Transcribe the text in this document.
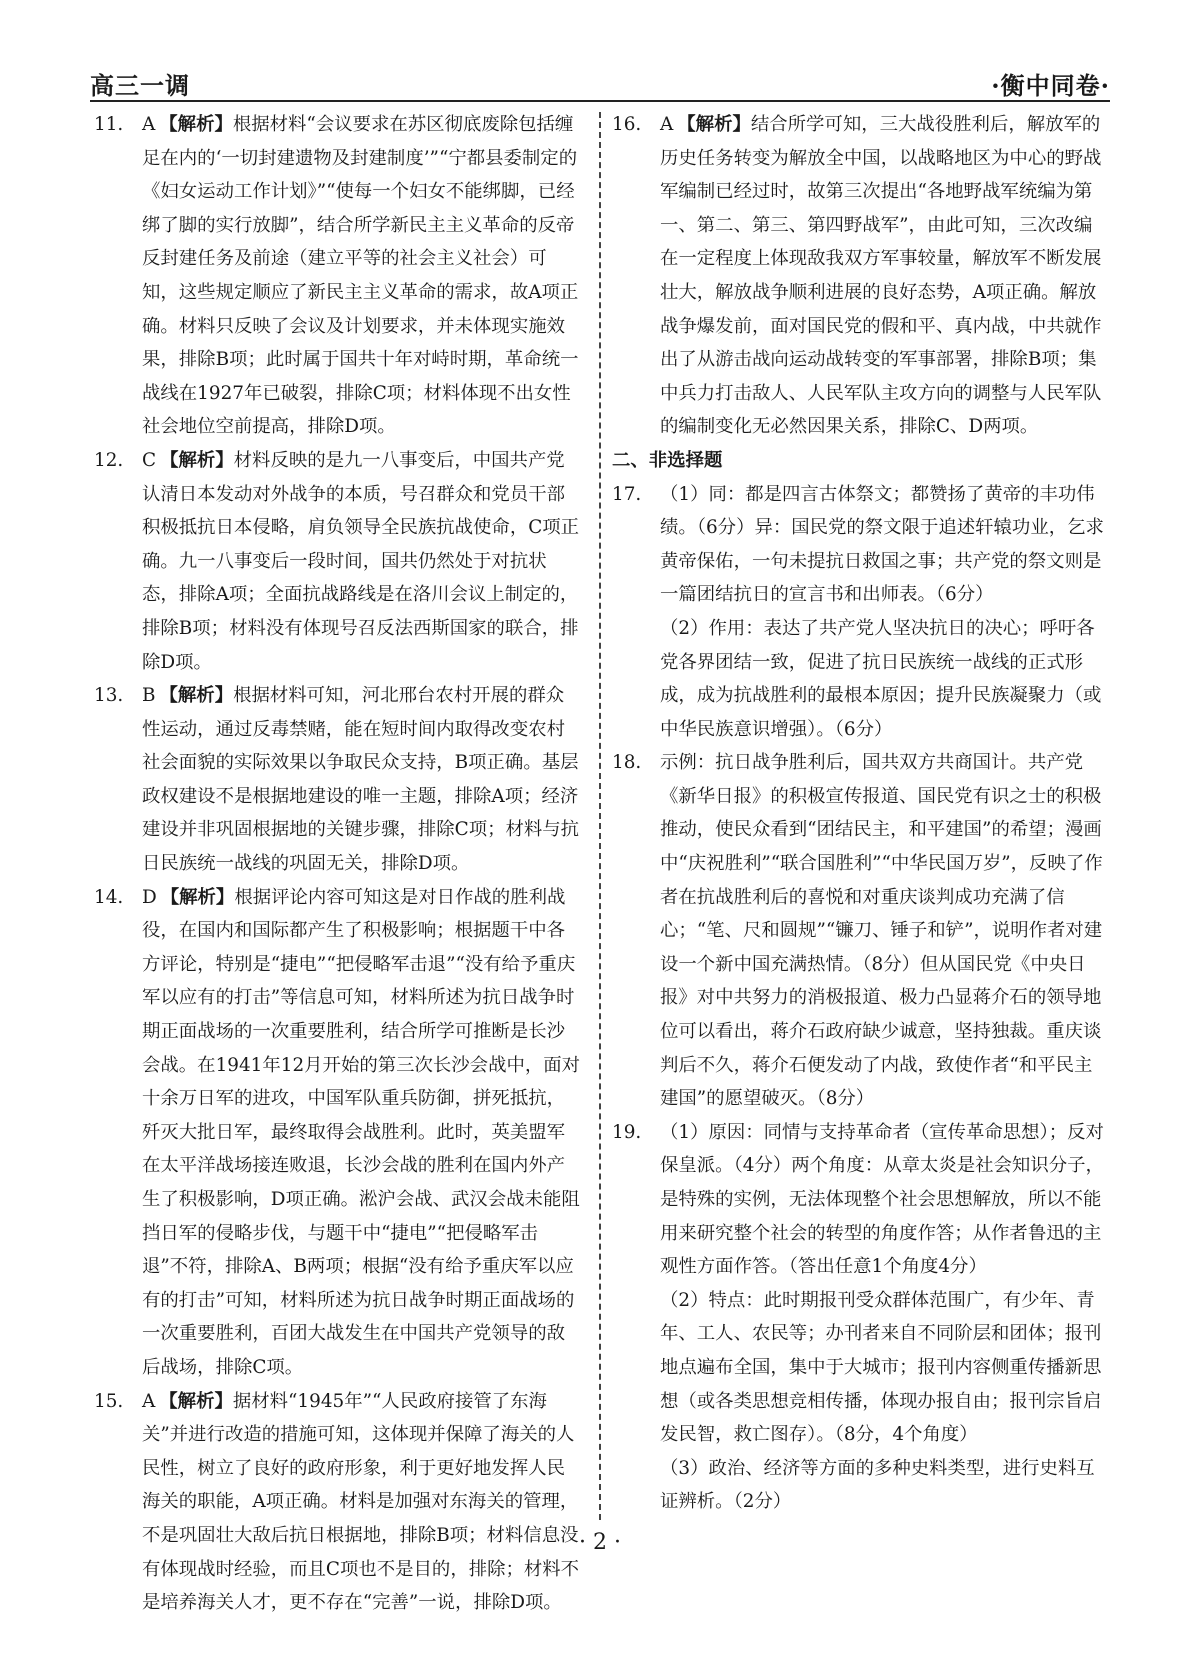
高三一调	·衡中同卷·

11. A 【解析】根据材料“会议要求在苏区彻底废除包括缠足在内的‘一切封建遗物及封建制度’”“宁都县委制定的《妇女运动工作计划》”“使每一个妇女不能绑脚，已经绑了脚的实行放脚”，结合所学新民主主义革命的反帝反封建任务及前途（建立平等的社会主义社会）可知，这些规定顺应了新民主主义革命的需求，故A项正确。材料只反映了会议及计划要求，并未体现实施效果，排除B项；此时属于国共十年对峙时期，革命统一战线在1927年已破裂，排除C项；材料体现不出女性社会地位空前提高，排除D项。

12. C 【解析】材料反映的是九一八事变后，中国共产党认清日本发动对外战争的本质，号召群众和党员干部积极抵抗日本侵略，肩负领导全民族抗战使命，C项正确。九一八事变后一段时间，国共仍然处于对抗状态，排除A项；全面抗战路线是在洛川会议上制定的，排除B项；材料没有体现号召反法西斯国家的联合，排除D项。

13. B 【解析】根据材料可知，河北邢台农村开展的群众性运动，通过反毒禁赌，能在短时间内取得改变农村社会面貌的实际效果以争取民众支持，B项正确。基层政权建设不是根据地建设的唯一主题，排除A项；经济建设并非巩固根据地的关键步骤，排除C项；材料与抗日民族统一战线的巩固无关，排除D项。

14. D 【解析】根据评论内容可知这是对日作战的胜利战役，在国内和国际都产生了积极影响；根据题干中各方评论，特别是“捷电”“把侵略军击退”“没有给予重庆军以应有的打击”等信息可知，材料所述为抗日战争时期正面战场的一次重要胜利，结合所学可推断是长沙会战。在1941年12月开始的第三次长沙会战中，面对十余万日军的进攻，中国军队重兵防御，拼死抵抗，歼灭大批日军，最终取得会战胜利。此时，英美盟军在太平洋战场接连败退，长沙会战的胜利在国内外产生了积极影响，D项正确。淞沪会战、武汉会战未能阻挡日军的侵略步伐，与题干中“捷电”“把侵略军击退”不符，排除A、B两项；根据“没有给予重庆军以应有的打击”可知，材料所述为抗日战争时期正面战场的一次重要胜利，百团大战发生在中国共产党领导的敌后战场，排除C项。

15. A 【解析】据材料“1945年”“人民政府接管了东海关”并进行改造的措施可知，这体现并保障了海关的人民性，树立了良好的政府形象，利于更好地发挥人民海关的职能，A项正确。材料是加强对东海关的管理，不是巩固壮大敌后抗日根据地，排除B项；材料信息没有体现战时经验，而且C项也不是目的，排除；材料不是培养海关人才，更不存在“完善”一说，排除D项。

16. A 【解析】结合所学可知，三大战役胜利后，解放军的历史任务转变为解放全中国，以战略地区为中心的野战军编制已经过时，故第三次提出“各地野战军统编为第一、第二、第三、第四野战军”，由此可知，三次改编在一定程度上体现敌我双方军事较量，解放军不断发展壮大，解放战争顺利进展的良好态势，A项正确。解放战争爆发前，面对国民党的假和平、真内战，中共就作出了从游击战向运动战转变的军事部署，排除B项；集中兵力打击敌人、人民军队主攻方向的调整与人民军队的编制变化无必然因果关系，排除C、D两项。

二、非选择题

17. （1）同：都是四言古体祭文；都赞扬了黄帝的丰功伟绩。（6分）异：国民党的祭文限于追述轩辕功业，乞求黄帝保佑，一句未提抗日救国之事；共产党的祭文则是一篇团结抗日的宣言书和出师表。（6分）

（2）作用：表达了共产党人坚决抗日的决心；呼吁各党各界团结一致，促进了抗日民族统一战线的正式形成，成为抗战胜利的最根本原因；提升民族凝聚力（或中华民族意识增强）。（6分）

18. 示例：抗日战争胜利后，国共双方共商国计。共产党《新华日报》的积极宣传报道、国民党有识之士的积极推动，使民众看到“团结民主，和平建国”的希望；漫画中“庆祝胜利”“联合国胜利”“中华民国万岁”，反映了作者在抗战胜利后的喜悦和对重庆谈判成功充满了信心；“笔、尺和圆规”“镰刀、锤子和铲”，说明作者对建设一个新中国充满热情。（8分）但从国民党《中央日报》对中共努力的消极报道、极力凸显蒋介石的领导地位可以看出，蒋介石政府缺少诚意，坚持独裁。重庆谈判后不久，蒋介石便发动了内战，致使作者“和平民主建国”的愿望破灭。（8分）

19. （1）原因：同情与支持革命者（宣传革命思想）；反对保皇派。（4分）两个角度：从章太炎是社会知识分子，是特殊的实例，无法体现整个社会思想解放，所以不能用来研究整个社会的转型的角度作答；从作者鲁迅的主观性方面作答。（答出任意1个角度4分）

（2）特点：此时期报刊受众群体范围广，有少年、青年、工人、农民等；办刊者来自不同阶层和团体；报刊地点遍布全国，集中于大城市；报刊内容侧重传播新思想（或各类思想竞相传播，体现办报自由；报刊宗旨启发民智，救亡图存）。（8分，4个角度）

（3）政治、经济等方面的多种史料类型，进行史料互证辨析。（2分）

· 2 ·
